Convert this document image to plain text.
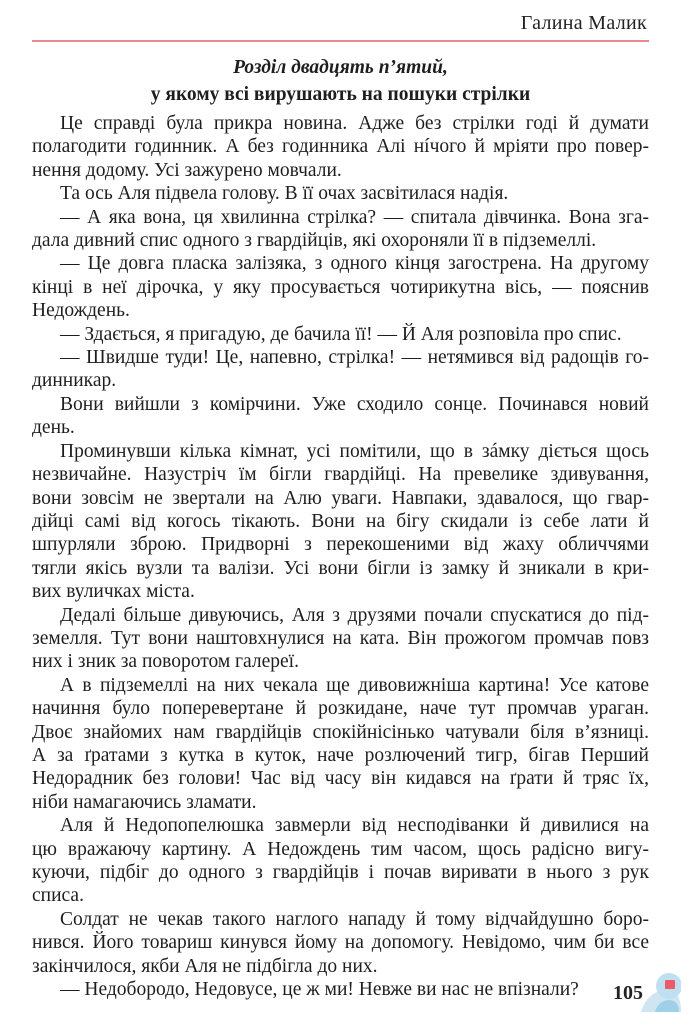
Галина Малик
Розділ двадцять п’ятий,
у якому всі вирушають на пошуки стрілки
Це справді була прикра новина. Адже без стрілки годі й думати
полагодити годинник. А без годинника Алі нíчого й мріяти про повер-
нення додому. Усі зажурено мовчали.
Та ось Аля підвела голову. В її очах засвітилася надія.
— А яка вона, ця хвилинна стрілка? — спитала дівчинка. Вона зга-
дала дивний спис одного з гвардійців, які охороняли її в підземеллі.
— Це довга пласка залізяка, з одного кінця загострена. На другому
кінці в неї дірочка, у яку просувається чотирикутна вісь, — пояснив
Недождень.
— Здається, я пригадую, де бачила її! — Й Аля розповіла про спис.
— Швидше туди! Це, напевно, стрілка! — нетямився від радощів го-
динникар.
Вони вийшли з комірчини. Уже сходило сонце. Починався новий
день.
Проминувши кілька кімнат, усі помітили, що в зáмку діється щось
незвичайне. Назустріч їм бігли гвардійці. На превелике здивування,
вони зовсім не звертали на Алю уваги. Навпаки, здавалося, що гвар-
дійці самі від когось тікають. Вони на бігу скидали із себе лати й
шпурляли зброю. Придворні з перекошеними від жаху обличчями
тягли якісь вузли та валізи. Усі вони бігли із замку й зникали в кри-
вих вуличках міста.
Дедалі більше дивуючись, Аля з друзями почали спускатися до під-
земелля. Тут вони наштовхнулися на ката. Він прожогом промчав повз
них і зник за поворотом галереї.
А в підземеллі на них чекала ще дивовижніша картина! Усе катове
начиння було поперевертане й розкидане, наче тут промчав ураган.
Двоє знайомих нам гвардійців спокійнісінько чатували біля в’язниці.
А за ґратами з кутка в куток, наче розлючений тигр, бігав Перший
Недорадник без голови! Час від часу він кидався на ґрати й тряс їх,
ніби намагаючись зламати.
Аля й Недопопелюшка завмерли від несподіванки й дивилися на
цю вражаючу картину. А Недождень тим часом, щось радісно вигу-
куючи, підбіг до одного з гвардійців і почав виривати в нього з рук
списа.
Солдат не чекав такого наглого нападу й тому відчайдушно боро-
нився. Його товариш кинувся йому на допомогу. Невідомо, чим би все
закінчилося, якби Аля не підбігла до них.
— Недобородо, Недовусе, це ж ми! Невже ви нас не впізнали?	105
